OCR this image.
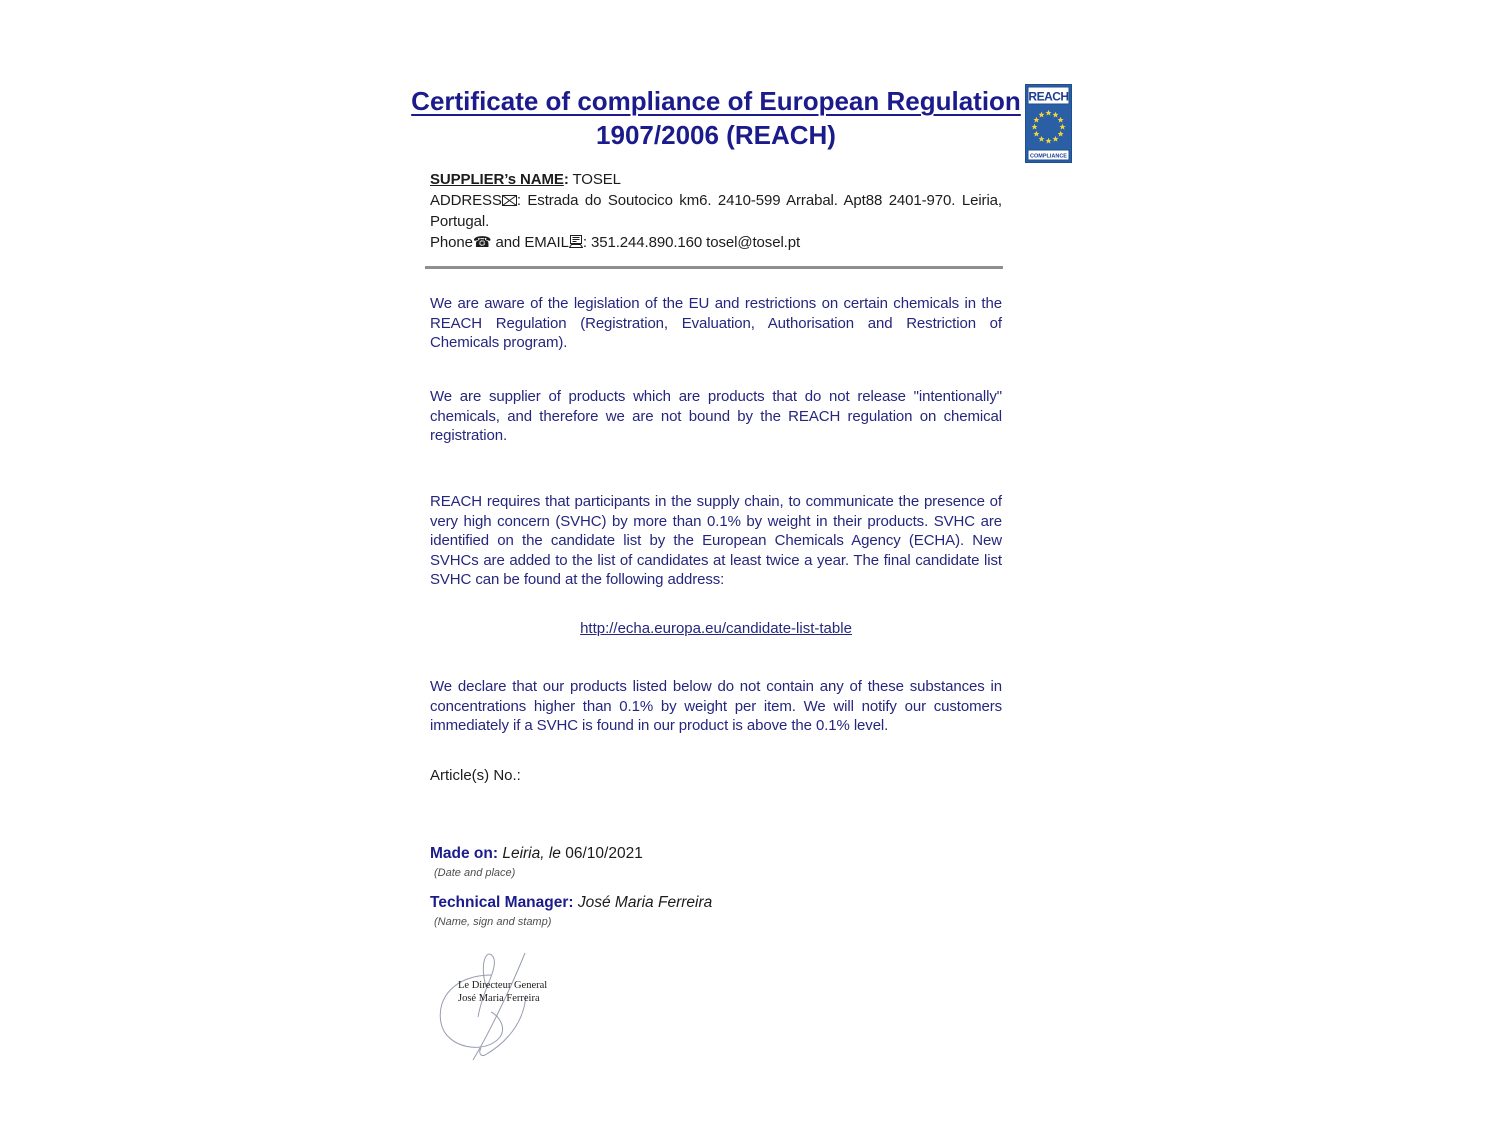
Certificate of compliance of European Regulation
1907/2006 (REACH)
REACH
COMPLIANCE
SUPPLIER’s NAME: TOSEL
ADDRESS : Estrada do Soutocico km6. 2410-599 Arrabal. Apt88 2401-970. Leiria, Portugal.
Phone☎ and EMAIL : 351.244.890.160 tosel@tosel.pt
We are aware of the legislation of the EU and restrictions on certain chemicals in the REACH Regulation (Registration, Evaluation, Authorisation and Restriction of Chemicals program).
We are supplier of products which are products that do not release "intentionally" chemicals, and therefore we are not bound by the REACH regulation on chemical registration.
REACH requires that participants in the supply chain, to communicate the presence of very high concern (SVHC) by more than 0.1% by weight in their products. SVHC are identified on the candidate list by the European Chemicals Agency (ECHA). New SVHCs are added to the list of candidates at least twice a year. The final candidate list SVHC can be found at the following address:
http://echa.europa.eu/candidate-list-table
We declare that our products listed below do not contain any of these substances in concentrations higher than 0.1% by weight per item. We will notify our customers immediately if a SVHC is found in our product is above the 0.1% level.
Article(s) No.:
Made on: Leiria, le 06/10/2021
(Date and place)
Technical Manager: José Maria Ferreira
(Name, sign and stamp)
Le Directeur General
José Maria Ferreira
